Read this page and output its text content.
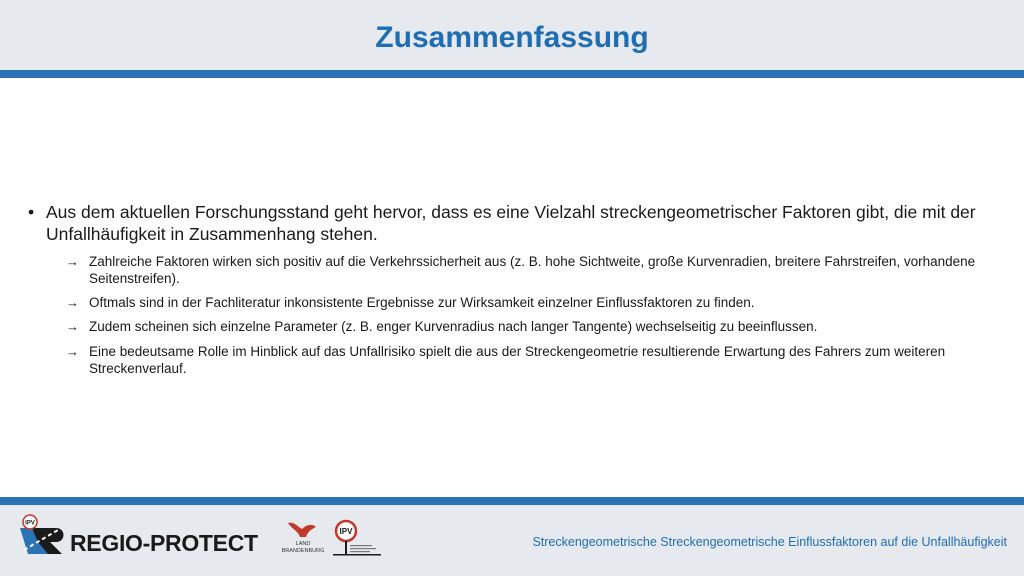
Zusammenfassung
• Aus dem aktuellen Forschungsstand geht hervor, dass es eine Vielzahl streckengeometrischer Faktoren gibt, die mit der Unfallhäufigkeit in Zusammenhang stehen.
→ Zahlreiche Faktoren wirken sich positiv auf die Verkehrssicherheit aus (z. B. hohe Sichtweite, große Kurvenradien, breitere Fahrstreifen, vorhandene Seitenstreifen).
→ Oftmals sind in der Fachliteratur inkonsistente Ergebnisse zur Wirksamkeit einzelner Einflussfaktoren zu finden.
→ Zudem scheinen sich einzelne Parameter (z. B. enger Kurvenradius nach langer Tangente) wechselseitig zu beeinflussen.
→ Eine bedeutsame Rolle im Hinblick auf das Unfallrisiko spielt die aus der Streckengeometrie resultierende Erwartung des Fahrers zum weiteren Streckenverlauf.
IPV
REGIO-PROTECT	LAND
BRANDENBURG
IPV
Streckengeometrische Streckengeometrische Einflussfaktoren auf die Unfallhäufigkeit
